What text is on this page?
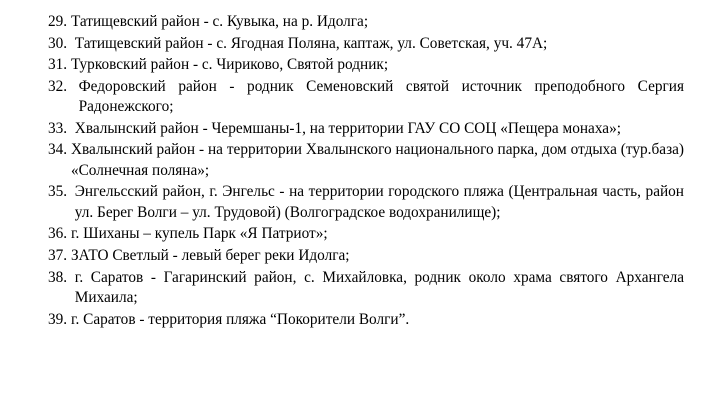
29. Татищевский район - с. Кувыка, на р. Идолга;
30. Татищевский район - с. Ягодная Поляна, каптаж, ул. Советская, уч. 47А;
31. Турковский район - с. Чириково, Святой родник;
32. Федоровский район - родник Семеновский святой источник преподобного Сергия Радонежского;
33. Хвалынский район - Черемшаны-1, на территории ГАУ СО СОЦ «Пещера монаха»;
34. Хвалынский район - на территории Хвалынского национального парка, дом отдыха (тур.база) «Солнечная поляна»;
35. Энгельсский район, г. Энгельс - на территории городского пляжа (Центральная часть, район ул. Берег Волги – ул. Трудовой) (Волгоградское водохранилище);
36. г. Шиханы – купель Парк «Я Патриот»;
37. ЗАТО Светлый - левый берег реки Идолга;
38. г. Саратов - Гагаринский район, с. Михайловка, родник около храма святого Архангела Михаила;
39. г. Саратов - территория пляжа “Покорители Волги”.
